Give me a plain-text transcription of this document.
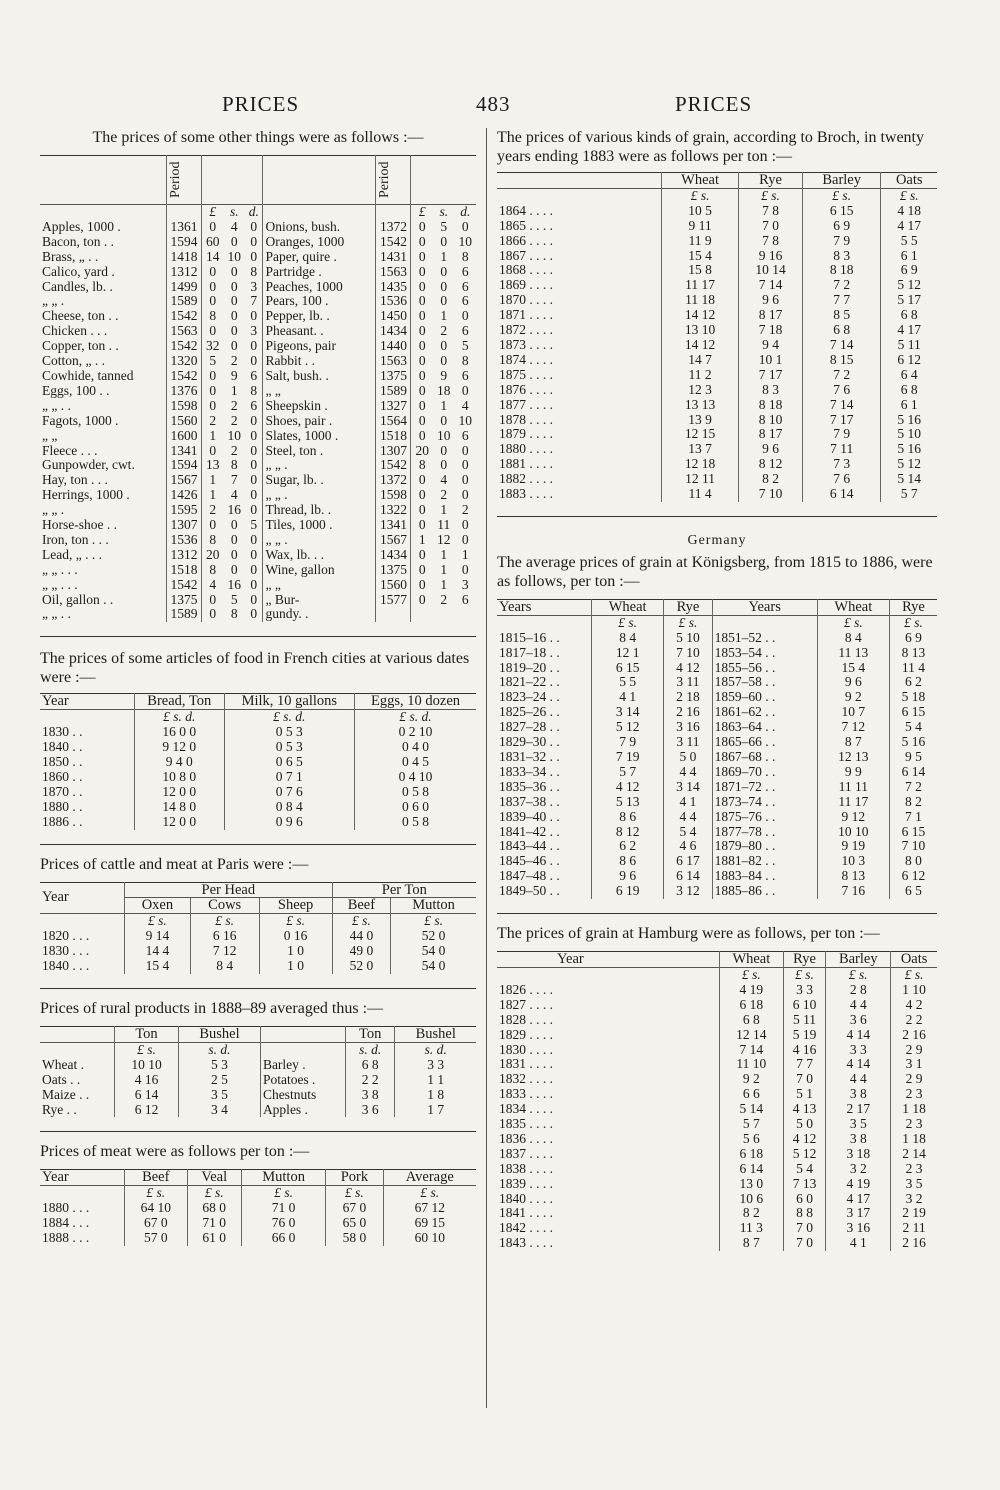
PRICES	483	PRICES

The prices of some other things were as follows :—

	Period					Period			

		£	s.	d.			£	s.	d.
Apples, 1000 .	1361	0	4	0	Onions, bush.	1372	0	5	0
Bacon, ton . .	1594	60	0	0	Oranges, 1000	1542	0	0	10
Brass, „ . .	1418	14	10	0	Paper, quire .	1431	0	1	8
Calico, yard .	1312	0	0	8	Partridge .	1563	0	0	6
Candles, lb. .	1499	0	0	3	Peaches, 1000	1435	0	0	6
„ „ .	1589	0	0	7	Pears, 100 .	1536	0	0	6
Cheese, ton . .	1542	8	0	0	Pepper, lb. .	1450	0	1	0
Chicken . . .	1563	0	0	3	Pheasant. .	1434	0	2	6
Copper, ton . .	1542	32	0	0	Pigeons, pair	1440	0	0	5
Cotton, „ . .	1320	5	2	0	Rabbit . .	1563	0	0	8
Cowhide, tanned	1542	0	9	6	Salt, bush. .	1375	0	9	6
Eggs, 100 . .	1376	0	1	8	„ „	1589	0	18	0
„ „ . .	1598	0	2	6	Sheepskin .	1327	0	1	4
Fagots, 1000 .	1560	2	2	0	Shoes, pair .	1564	0	0	10
„ „	1600	1	10	0	Slates, 1000 .	1518	0	10	6
Fleece . . .	1341	0	2	0	Steel, ton .	1307	20	0	0
Gunpowder, cwt.	1594	13	8	0	„ „ .	1542	8	0	0
Hay, ton . . .	1567	1	7	0	Sugar, lb. .	1372	0	4	0
Herrings, 1000 .	1426	1	4	0	„ „ .	1598	0	2	0
„ „ .	1595	2	16	0	Thread, lb. .	1322	0	1	2
Horse-shoe . .	1307	0	0	5	Tiles, 1000 .	1341	0	11	0
Iron, ton . . .	1536	8	0	0	„ „ .	1567	1	12	0
Lead, „ . . .	1312	20	0	0	Wax, lb. . .	1434	0	1	1
„ „ . . .	1518	8	0	0	Wine, gallon	1375	0	1	0
„ „ . . .	1542	4	16	0	„ „	1560	0	1	3
Oil, gallon . .	1375	0	5	0	„ Bur-	1577	0	2	6
„ „ . .	1589	0	8	0	gundy. .				

The prices of some articles of food in French cities at various dates were :—

Year	Bread, Ton	Milk, 10 gallons	Eggs, 10 dozen
	£ s. d.	£ s. d.	£ s. d.
1830 . .	16 0 0	0 5 3	0 2 10
1840 . .	9 12 0	0 5 3	0 4 0
1850 . .	9 4 0	0 6 5	0 4 5
1860 . .	10 8 0	0 7 1	0 4 10
1870 . .	12 0 0	0 7 6	0 5 8
1880 . .	14 8 0	0 8 4	0 6 0
1886 . .	12 0 0	0 9 6	0 5 8

Prices of cattle and meat at Paris were :—

Year	Per Head			Per Ton	
	Oxen	Cows	Sheep	Beef	Mutton
	£ s.	£ s.	£ s.	£ s.	£ s.
1820 . . .	9 14	6 16	0 16	44 0	52 0
1830 . . .	14 4	7 12	1 0	49 0	54 0
1840 . . .	15 4	8 4	1 0	52 0	54 0

Prices of rural products in 1888–89 averaged thus :—

	Ton	Bushel		Ton	Bushel
	£ s.	s. d.		s. d.	s. d.
Wheat .	10 10	5 3	Barley .	6 8	3 3
Oats . .	4 16	2 5	Potatoes .	2 2	1 1
Maize . .	6 14	3 5	Chestnuts	3 8	1 8
Rye . .	6 12	3 4	Apples .	3 6	1 7

Prices of meat were as follows per ton :—

Year	Beef	Veal	Mutton	Pork	Average
	£ s.	£ s.	£ s.	£ s.	£ s.
1880 . . .	64 10	68 0	71 0	67 0	67 12
1884 . . .	67 0	71 0	76 0	65 0	69 15
1888 . . .	57 0	61 0	66 0	58 0	60 10

The prices of various kinds of grain, according to Broch, in twenty years ending 1883 were as follows per ton :—

	Wheat	Rye	Barley	Oats
	£ s.	£ s.	£ s.	£ s.
1864 . . . .	10 5	7 8	6 15	4 18
1865 . . . .	9 11	7 0	6 9	4 17
1866 . . . .	11 9	7 8	7 9	5 5
1867 . . . .	15 4	9 16	8 3	6 1
1868 . . . .	15 8	10 14	8 18	6 9
1869 . . . .	11 17	7 14	7 2	5 12
1870 . . . .	11 18	9 6	7 7	5 17
1871 . . . .	14 12	8 17	8 5	6 8
1872 . . . .	13 10	7 18	6 8	4 17
1873 . . . .	14 12	9 4	7 14	5 11
1874 . . . .	14 7	10 1	8 15	6 12
1875 . . . .	11 2	7 17	7 2	6 4
1876 . . . .	12 3	8 3	7 6	6 8
1877 . . . .	13 13	8 18	7 14	6 1
1878 . . . .	13 9	8 10	7 17	5 16
1879 . . . .	12 15	8 17	7 9	5 10
1880 . . . .	13 7	9 6	7 11	5 16
1881 . . . .	12 18	8 12	7 3	5 12
1882 . . . .	12 11	8 2	7 6	5 14
1883 . . . .	11 4	7 10	6 14	5 7
Germany

The average prices of grain at Königsberg, from 1815 to 1886, were as follows, per ton :—

Years	Wheat	Rye	Years	Wheat	Rye
	£ s.	£ s.		£ s.	£ s.
1815–16 . .	8 4	5 10	1851–52 . .	8 4	6 9
1817–18 . .	12 1	7 10	1853–54 . .	11 13	8 13
1819–20 . .	6 15	4 12	1855–56 . .	15 4	11 4
1821–22 . .	5 5	3 11	1857–58 . .	9 6	6 2
1823–24 . .	4 1	2 18	1859–60 . .	9 2	5 18
1825–26 . .	3 14	2 16	1861–62 . .	10 7	6 15
1827–28 . .	5 12	3 16	1863–64 . .	7 12	5 4
1829–30 . .	7 9	3 11	1865–66 . .	8 7	5 16
1831–32 . .	7 19	5 0	1867–68 . .	12 13	9 5
1833–34 . .	5 7	4 4	1869–70 . .	9 9	6 14
1835–36 . .	4 12	3 14	1871–72 . .	11 11	7 2
1837–38 . .	5 13	4 1	1873–74 . .	11 17	8 2
1839–40 . .	8 6	4 4	1875–76 . .	9 12	7 1
1841–42 . .	8 12	5 4	1877–78 . .	10 10	6 15
1843–44 . .	6 2	4 6	1879–80 . .	9 19	7 10
1845–46 . .	8 6	6 17	1881–82 . .	10 3	8 0
1847–48 . .	9 6	6 14	1883–84 . .	8 13	6 12
1849–50 . .	6 19	3 12	1885–86 . .	7 16	6 5

The prices of grain at Hamburg were as follows, per ton :—

Year	Wheat	Rye	Barley	Oats
	£ s.	£ s.	£ s.	£ s.
1826 . . . .	4 19	3 3	2 8	1 10
1827 . . . .	6 18	6 10	4 4	4 2
1828 . . . .	6 8	5 11	3 6	2 2
1829 . . . .	12 14	5 19	4 14	2 16
1830 . . . .	7 14	4 16	3 3	2 9
1831 . . . .	11 10	7 7	4 14	3 1
1832 . . . .	9 2	7 0	4 4	2 9
1833 . . . .	6 6	5 1	3 8	2 3
1834 . . . .	5 14	4 13	2 17	1 18
1835 . . . .	5 7	5 0	3 5	2 3
1836 . . . .	5 6	4 12	3 8	1 18
1837 . . . .	6 18	5 12	3 18	2 14
1838 . . . .	6 14	5 4	3 2	2 3
1839 . . . .	13 0	7 13	4 19	3 5
1840 . . . .	10 6	6 0	4 17	3 2
1841 . . . .	8 2	8 8	3 17	2 19
1842 . . . .	11 3	7 0	3 16	2 11
1843 . . . .	8 7	7 0	4 1	2 16
